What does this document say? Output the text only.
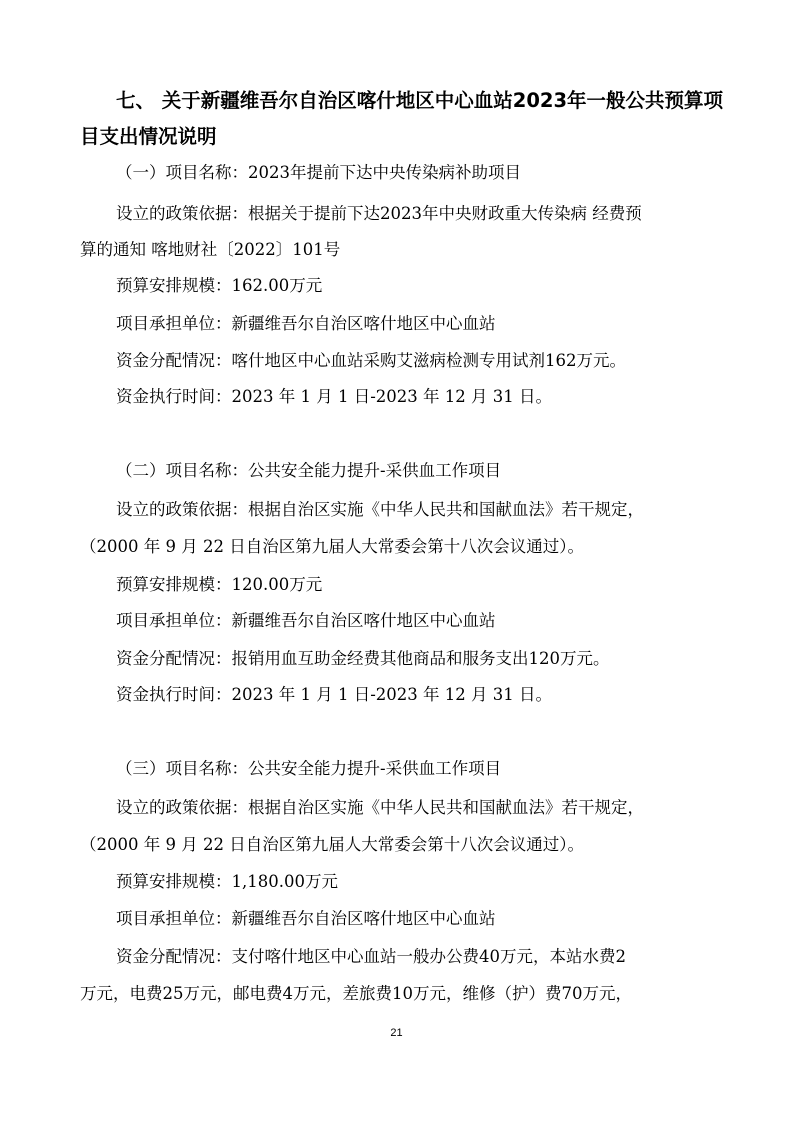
七、 关于新疆维吾尔自治区喀什地区中心血站2023年一般公共预算项
目支出情况说明
（一）项目名称：2023年提前下达中央传染病补助项目
设立的政策依据：根据关于提前下达2023年中央财政重大传染病 经费预
算的通知 喀地财社〔2022〕101号
预算安排规模：162.00万元
项目承担单位：新疆维吾尔自治区喀什地区中心血站
资金分配情况：喀什地区中心血站采购艾滋病检测专用试剂162万元。
资金执行时间：2023 年 1 月 1 日-2023 年 12 月 31 日。
（二）项目名称：公共安全能力提升-采供血工作项目
设立的政策依据：根据自治区实施《中华人民共和国献血法》若干规定，
（2000 年 9 月 22 日自治区第九届人大常委会第十八次会议通过）。
预算安排规模：120.00万元
项目承担单位：新疆维吾尔自治区喀什地区中心血站
资金分配情况：报销用血互助金经费其他商品和服务支出120万元。
资金执行时间：2023 年 1 月 1 日-2023 年 12 月 31 日。
（三）项目名称：公共安全能力提升-采供血工作项目
设立的政策依据：根据自治区实施《中华人民共和国献血法》若干规定，
（2000 年 9 月 22 日自治区第九届人大常委会第十八次会议通过）。
预算安排规模：1,180.00万元
项目承担单位：新疆维吾尔自治区喀什地区中心血站
资金分配情况：支付喀什地区中心血站一般办公费40万元，本站水费2
万元，电费25万元，邮电费4万元，差旅费10万元，维修（护）费70万元，
21
